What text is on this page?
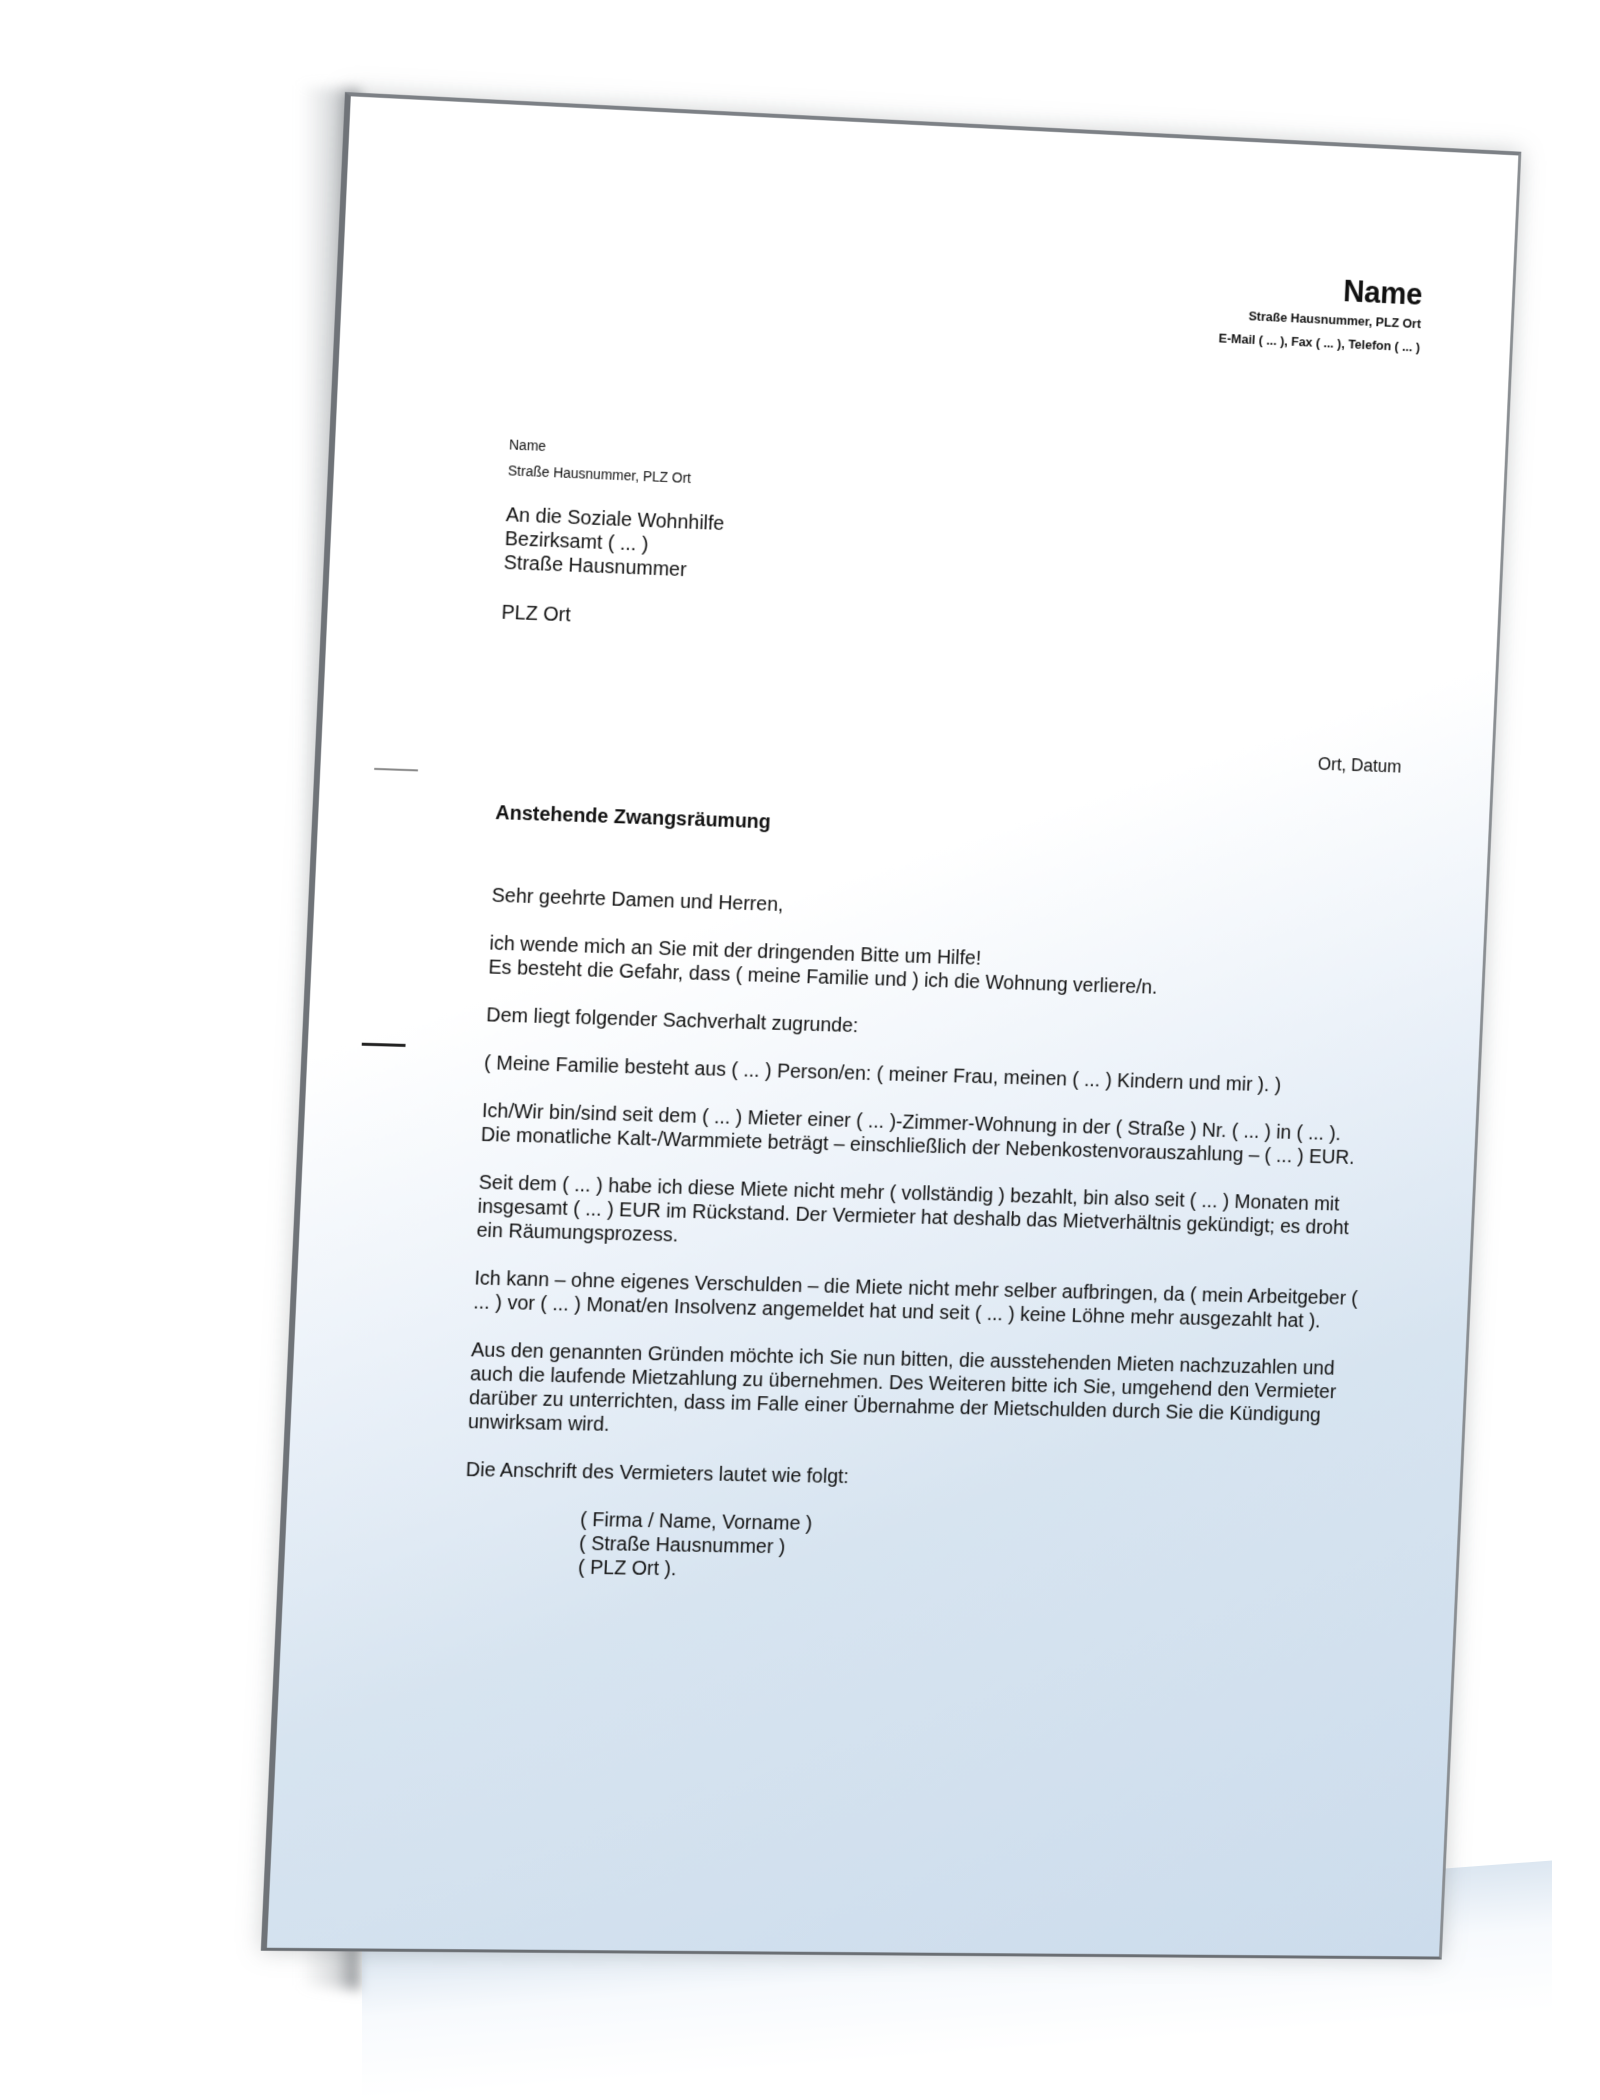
Name
Straße Hausnummer, PLZ Ort
E-Mail ( ... ), Fax ( ... ), Telefon ( ... )
Name
Straße Hausnummer, PLZ Ort
An die Soziale Wohnhilfe
Bezirksamt ( ... )
Straße Hausnummer
PLZ Ort
Ort, Datum
Anstehende Zwangsräumung

Sehr geehrte Damen und Herren,

ich wende mich an Sie mit der dringenden Bitte um Hilfe!
Es besteht die Gefahr, dass ( meine Familie und ) ich die Wohnung verliere/n.

Dem liegt folgender Sachverhalt zugrunde:

( Meine Familie besteht aus ( ... ) Person/en: ( meiner Frau, meinen ( ... ) Kindern und mir ). )

Ich/Wir bin/sind seit dem ( ... ) Mieter einer ( ... )-Zimmer-Wohnung in der ( Straße ) Nr. ( ... ) in ( ... ).
Die monatliche Kalt-/Warmmiete beträgt – einschließlich der Nebenkostenvorauszahlung – ( ... ) EUR.

Seit dem ( ... ) habe ich diese Miete nicht mehr ( vollständig ) bezahlt, bin also seit ( ... ) Monaten mit insgesamt ( ... ) EUR im Rückstand. Der Vermieter hat deshalb das Mietverhältnis gekündigt; es droht ein Räumungsprozess.

Ich kann – ohne eigenes Verschulden – die Miete nicht mehr selber aufbringen, da ( mein Arbeitgeber ( ... ) vor ( ... ) Monat/en Insolvenz angemeldet hat und seit ( ... ) keine Löhne mehr ausgezahlt hat ).

Aus den genannten Gründen möchte ich Sie nun bitten, die ausstehenden Mieten nachzuzahlen und auch die laufende Mietzahlung zu übernehmen. Des Weiteren bitte ich Sie, umgehend den Vermieter darüber zu unterrichten, dass im Falle einer Übernahme der Mietschulden durch Sie die Kündigung unwirksam wird.

Die Anschrift des Vermieters lautet wie folgt:

( Firma / Name, Vorname )
( Straße Hausnummer )
( PLZ Ort ).
